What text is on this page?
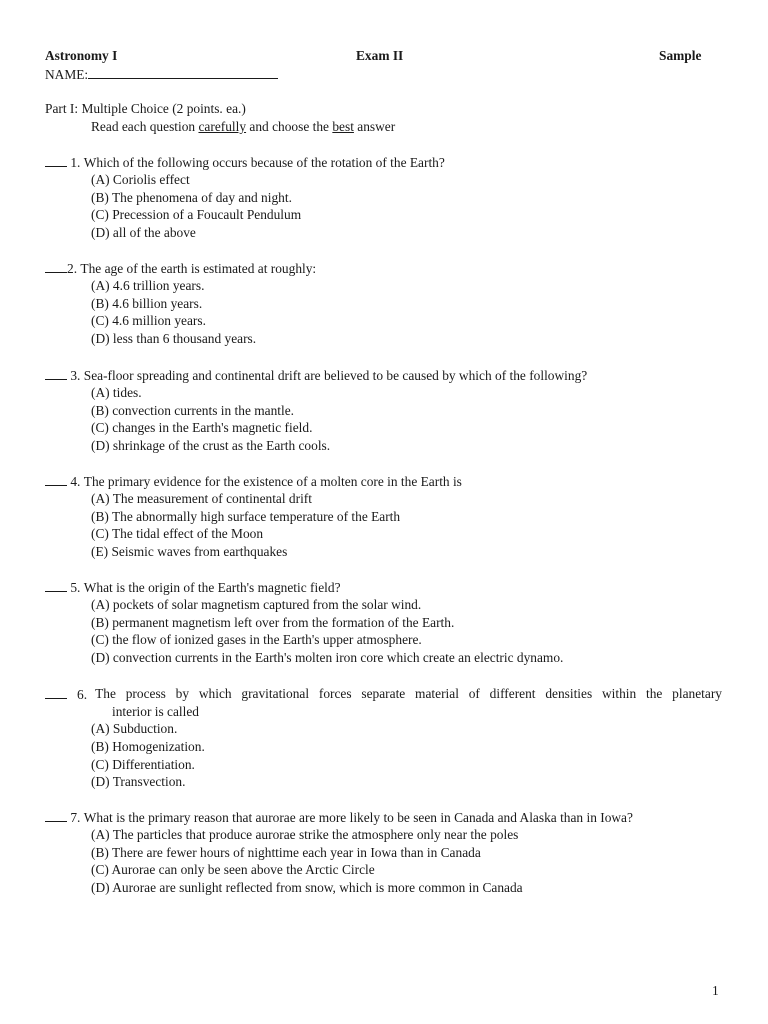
Astronomy I	Exam II	Sample
NAME:
Part I: Multiple Choice (2 points. ea.)
Read each question carefully and choose the best answer
1. Which of the following occurs because of the rotation of the Earth?
(A) Coriolis effect
(B) The phenomena of day and night.
(C) Precession of a Foucault Pendulum
(D) all of the above
2. The age of the earth is estimated at roughly:
(A) 4.6 trillion years.
(B) 4.6 billion years.
(C) 4.6 million years.
(D) less than 6 thousand years.
3. Sea-floor spreading and continental drift are believed to be caused by which of the following?
(A) tides.
(B) convection currents in the mantle.
(C) changes in the Earth's magnetic field.
(D) shrinkage of the crust as the Earth cools.
4. The primary evidence for the existence of a molten core in the Earth is
(A) The measurement of continental drift
(B) The abnormally high surface temperature of the Earth
(C) The tidal effect of the Moon
(E) Seismic waves from earthquakes
5. What is the origin of the Earth's magnetic field?
(A) pockets of solar magnetism captured from the solar wind.
(B) permanent magnetism left over from the formation of the Earth.
(C) the flow of ionized gases in the Earth's upper atmosphere.
(D) convection currents in the Earth's molten iron core which create an electric dynamo.
6. The process by which gravitational forces separate material of different densities within the planetary
interior is called
(A) Subduction.
(B) Homogenization.
(C) Differentiation.
(D) Transvection.
7. What is the primary reason that aurorae are more likely to be seen in Canada and Alaska than in Iowa?
(A) The particles that produce aurorae strike the atmosphere only near the poles
(B) There are fewer hours of nighttime each year in Iowa than in Canada
(C) Aurorae can only be seen above the Arctic Circle
(D) Aurorae are sunlight reflected from snow, which is more common in Canada
1
